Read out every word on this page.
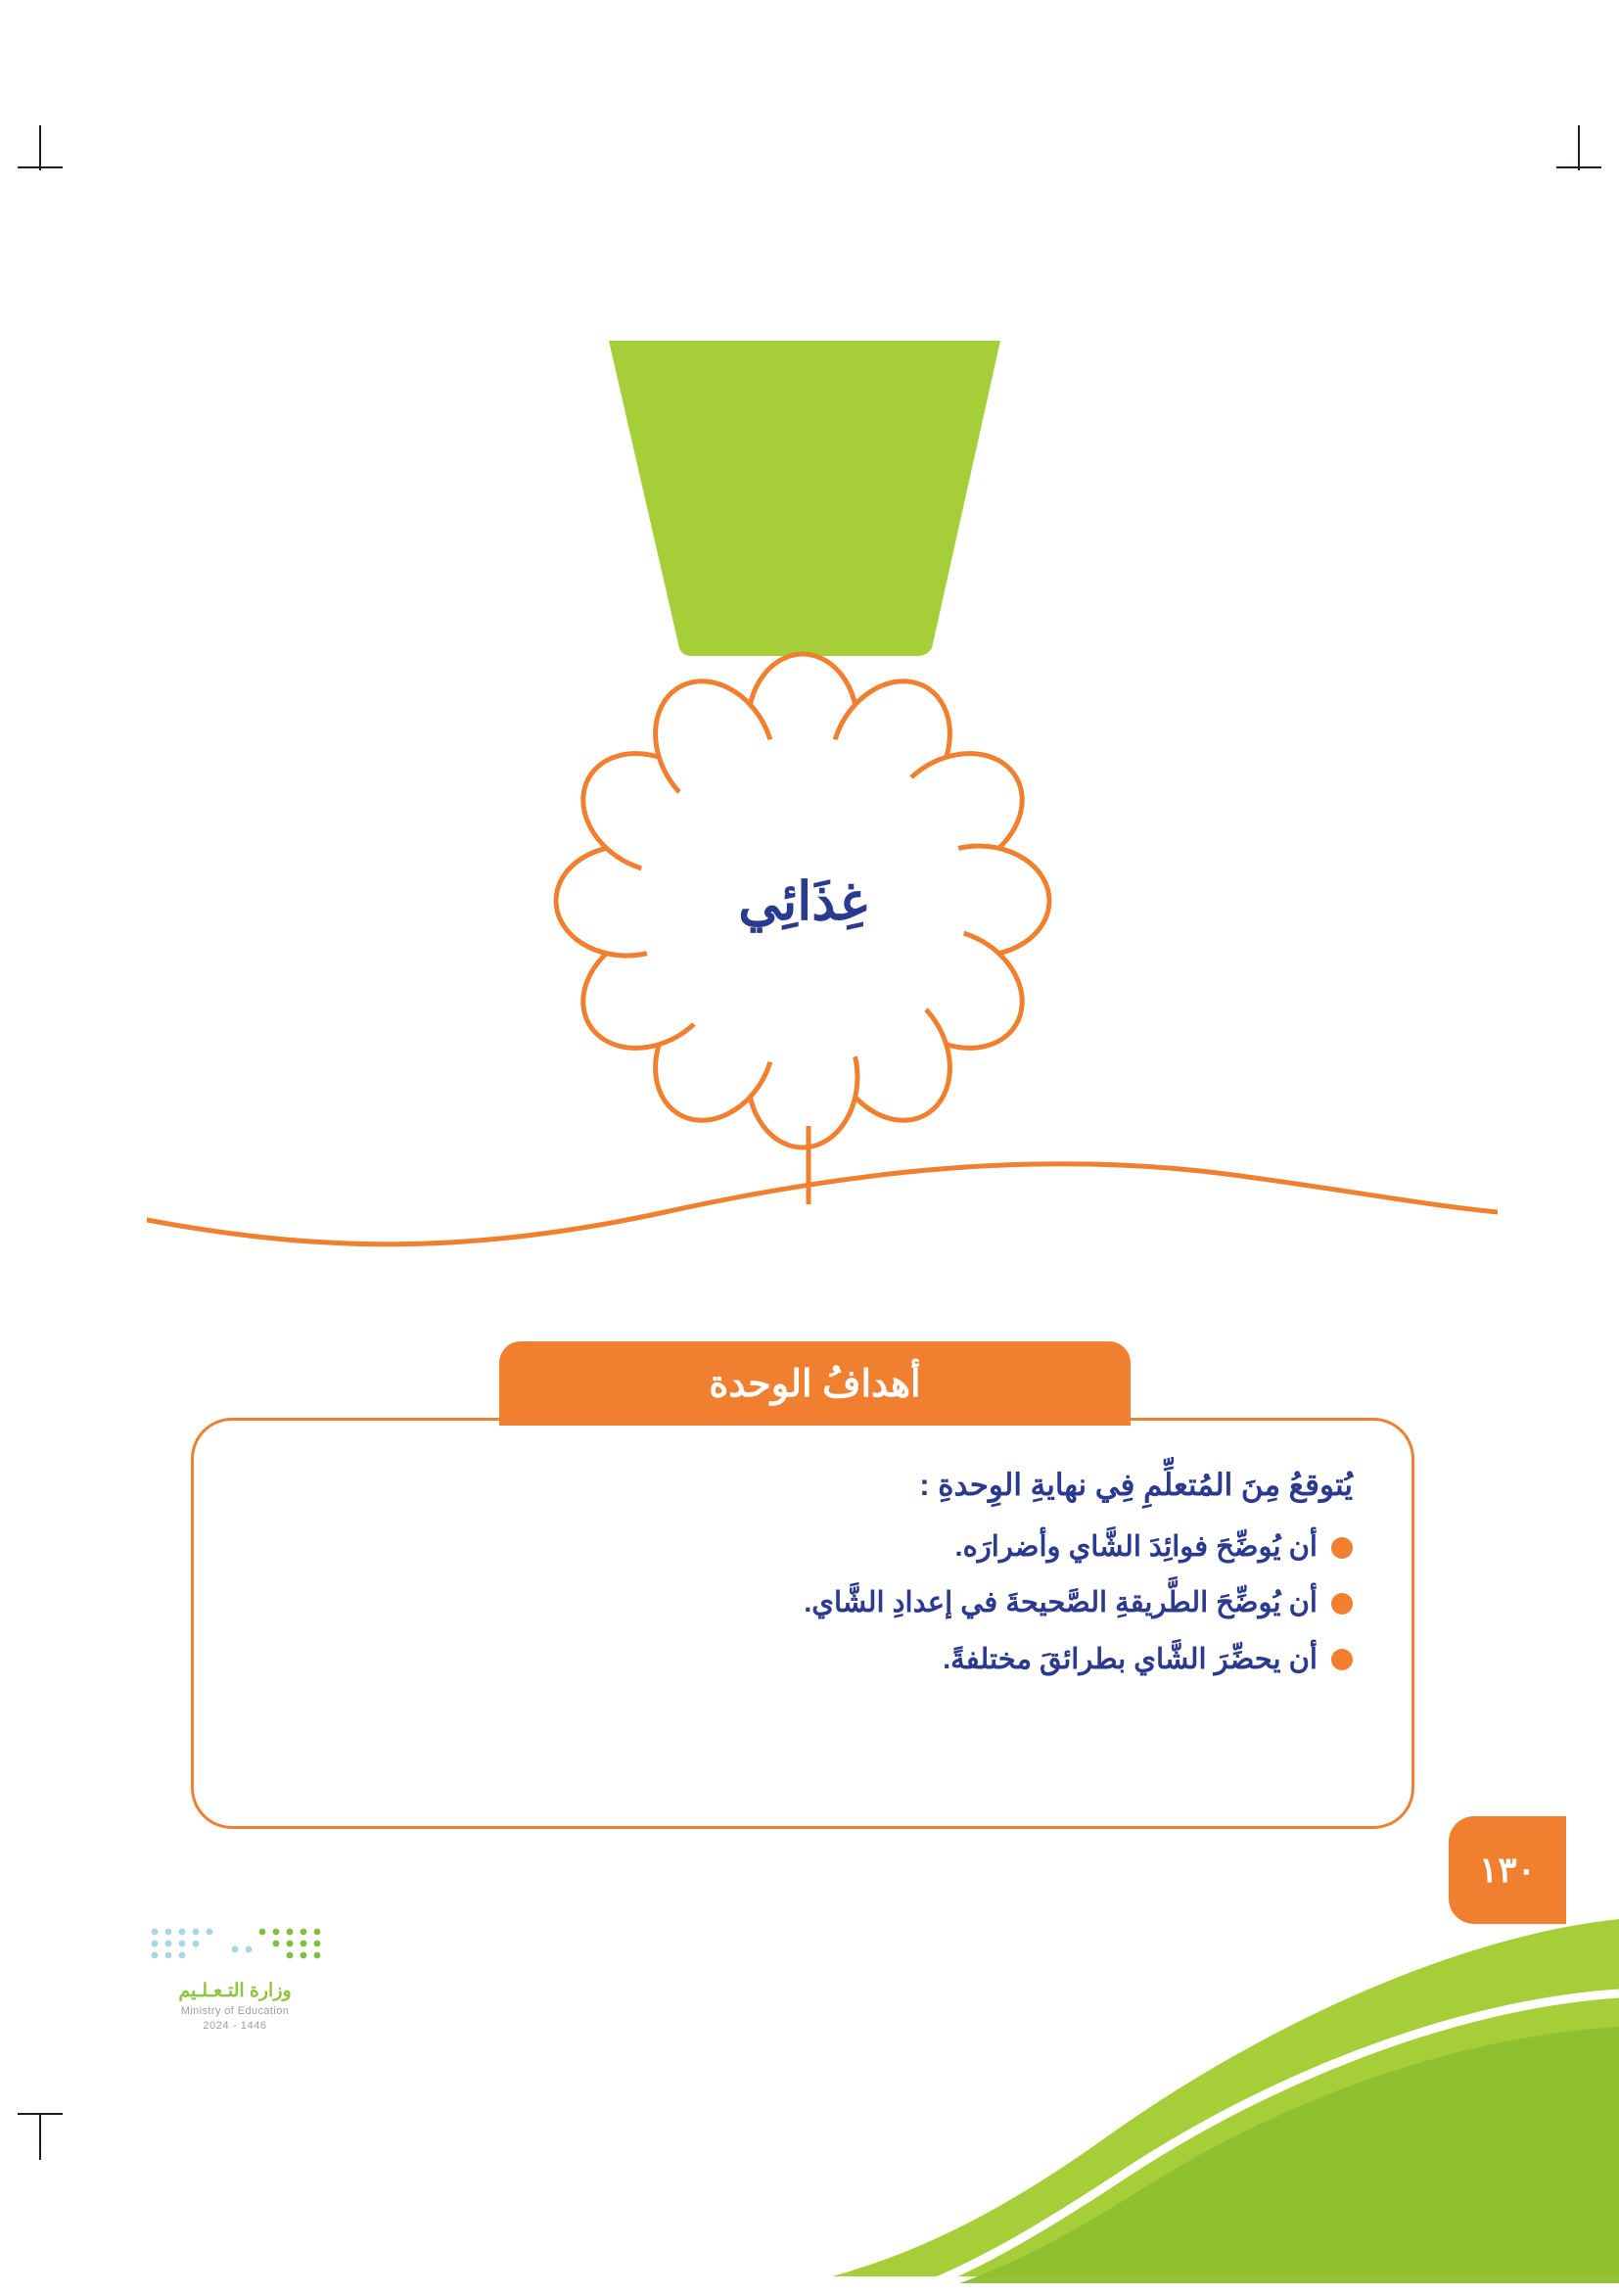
الشَّاي
غِذَائِي
أهدافُ الوحدة

يُتوقعُ مِنَ المُتعلِّمِ فِي نهايةِ الوِحدةِ :

أن يُوضِّحَ فوائِدَ الشَّاي وأضرارَه.
أن يُوضِّحَ الطَّريقةِ الصَّحيحةَ في إعدادِ الشَّاي.
أن يحضِّرَ الشَّاي بطرائقَ مختلفةً.
١٣٠
وزارة التـعـلـيم
Ministry of Education
2024 - 1446
